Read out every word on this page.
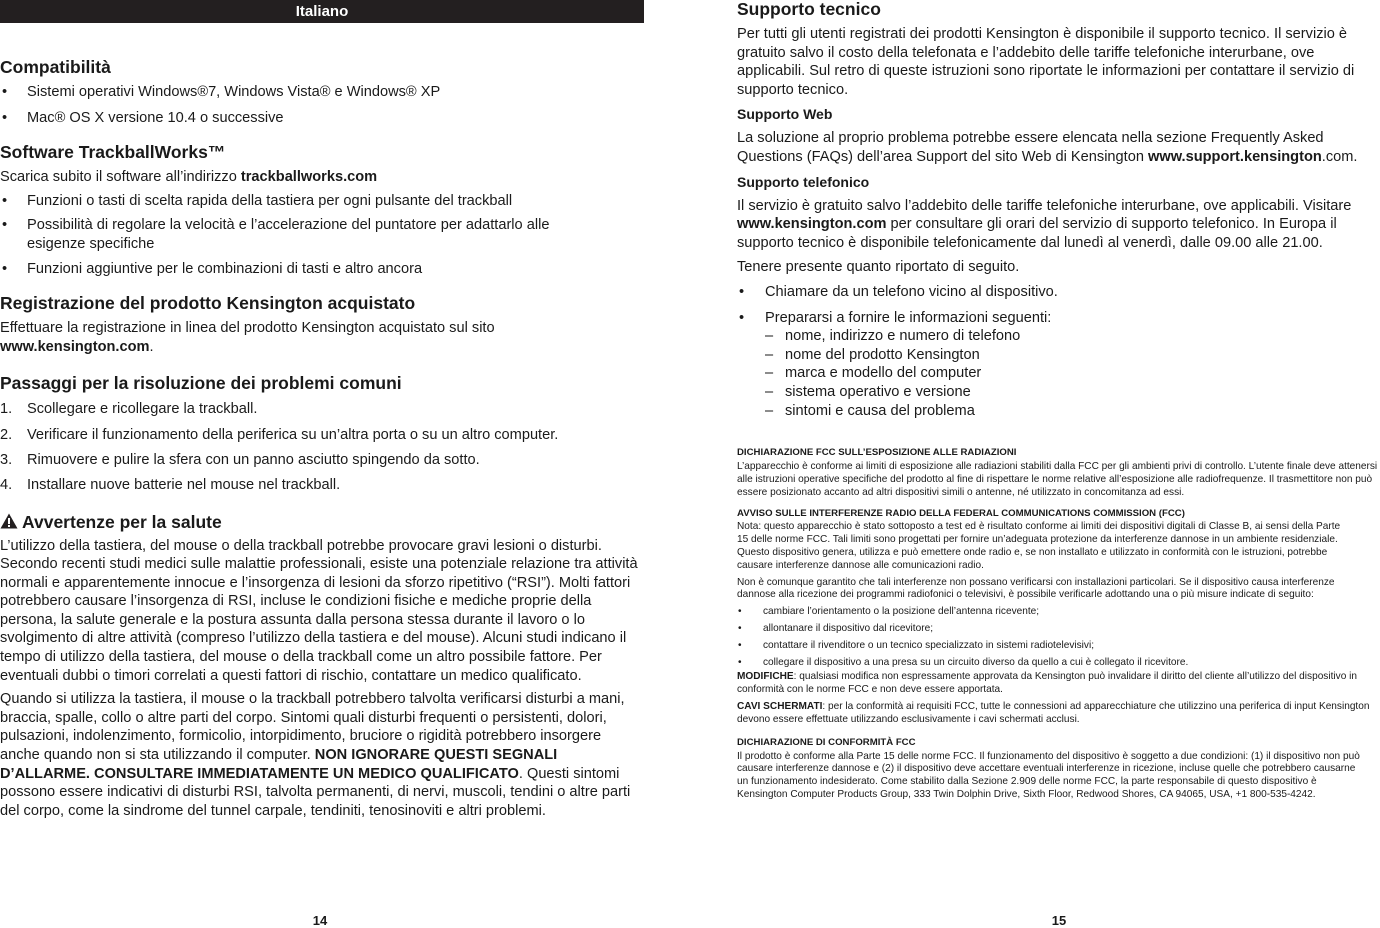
Italiano
Compatibilità
• Sistemi operativi Windows®7, Windows Vista® e Windows® XP
• Mac® OS X versione 10.4 o successive
Software TrackballWorks™

Scarica subito il software all’indirizzo trackballworks.com

• Funzioni o tasti di scelta rapida della tastiera per ogni pulsante del trackball
• Possibilità di regolare la velocità e l’accelerazione del puntatore per adattarlo alle esigenze specifiche
• Funzioni aggiuntive per le combinazioni di tasti e altro ancora
Registrazione del prodotto Kensington acquistato

Effettuare la registrazione in linea del prodotto Kensington acquistato sul sito www.kensington.com.

Passaggi per la risoluzione dei problemi comuni
1. Scollegare e ricollegare la trackball.
2. Verificare il funzionamento della periferica su un’altra porta o su un altro computer.
3. Rimuovere e pulire la sfera con un panno asciutto spingendo da sotto.
4. Installare nuove batterie nel mouse nel trackball.
Avvertenze per la salute

L’utilizzo della tastiera, del mouse o della trackball potrebbe provocare gravi lesioni o disturbi. Secondo recenti studi medici sulle malattie professionali, esiste una potenziale relazione tra attività normali e apparentemente innocue e l’insorgenza di lesioni da sforzo ripetitivo (“RSI”). Molti fattori potrebbero causare l’insorgenza di RSI, incluse le condizioni fisiche e mediche proprie della persona, la salute generale e la postura assunta dalla persona stessa durante il lavoro o lo svolgimento di altre attività (compreso l’utilizzo della tastiera e del mouse). Alcuni studi indicano il tempo di utilizzo della tastiera, del mouse o della trackball come un altro possibile fattore. Per eventuali dubbi o timori correlati a questi fattori di rischio, contattare un medico qualificato.

Quando si utilizza la tastiera, il mouse o la trackball potrebbero talvolta verificarsi disturbi a mani, braccia, spalle, collo o altre parti del corpo. Sintomi quali disturbi frequenti o persistenti, dolori, pulsazioni, indolenzimento, formicolio, intorpidimento, bruciore o rigidità potrebbero insorgere anche quando non si sta utilizzando il computer. NON IGNORARE QUESTI SEGNALI D’ALLARME. CONSULTARE IMMEDIATAMENTE UN MEDICO QUALIFICATO. Questi sintomi possono essere indicativi di disturbi RSI, talvolta permanenti, di nervi, muscoli, tendini o altre parti del corpo, come la sindrome del tunnel carpale, tendiniti, tenosinoviti e altri problemi.

Supporto tecnico

Per tutti gli utenti registrati dei prodotti Kensington è disponibile il supporto tecnico. Il servizio è gratuito salvo il costo della telefonata e l’addebito delle tariffe telefoniche interurbane, ove applicabili. Sul retro di queste istruzioni sono riportate le informazioni per contattare il servizio di supporto tecnico.

Supporto Web

La soluzione al proprio problema potrebbe essere elencata nella sezione Frequently Asked Questions (FAQs) dell’area Support del sito Web di Kensington www.support.kensington.com.

Supporto telefonico

Il servizio è gratuito salvo l’addebito delle tariffe telefoniche interurbane, ove applicabili. Visitare www.kensington.com per consultare gli orari del servizio di supporto telefonico. In Europa il supporto tecnico è disponibile telefonicamente dal lunedì al venerdì, dalle 09.00 alle 21.00.

Tenere presente quanto riportato di seguito.

• Chiamare da un telefono vicino al dispositivo.
• Prepararsi a fornire le informazioni seguenti:
– nome, indirizzo e numero di telefono
– nome del prodotto Kensington
– marca e modello del computer
– sistema operativo e versione
– sintomi e causa del problema
DICHIARAZIONE FCC SULL’ESPOSIZIONE ALLE RADIAZIONI

L’apparecchio è conforme ai limiti di esposizione alle radiazioni stabiliti dalla FCC per gli ambienti privi di controllo. L’utente finale deve attenersi alle istruzioni operative specifiche del prodotto al fine di rispettare le norme relative all’esposizione alle radiofrequenze. Il trasmettitore non può essere posizionato accanto ad altri dispositivi simili o antenne, né utilizzato in concomitanza ad essi.

AVVISO SULLE INTERFERENZE RADIO DELLA FEDERAL COMMUNICATIONS COMMISSION (FCC)

Nota: questo apparecchio è stato sottoposto a test ed è risultato conforme ai limiti dei dispositivi digitali di Classe B, ai sensi della Parte 15 delle norme FCC. Tali limiti sono progettati per fornire un’adeguata protezione da interferenze dannose in un ambiente residenziale. Questo dispositivo genera, utilizza e può emettere onde radio e, se non installato e utilizzato in conformità con le istruzioni, potrebbe causare interferenze dannose alle comunicazioni radio.

Non è comunque garantito che tali interferenze non possano verificarsi con installazioni particolari. Se il dispositivo causa interferenze dannose alla ricezione dei programmi radiofonici o televisivi, è possibile verificarle adottando una o più misure indicate di seguito:

• cambiare l’orientamento o la posizione dell’antenna ricevente;
• allontanare il dispositivo dal ricevitore;
• contattare il rivenditore o un tecnico specializzato in sistemi radiotelevisivi;
• collegare il dispositivo a una presa su un circuito diverso da quello a cui è collegato il ricevitore.

MODIFICHE: qualsiasi modifica non espressamente approvata da Kensington può invalidare il diritto del cliente all’utilizzo del dispositivo in conformità con le norme FCC e non deve essere apportata.

CAVI SCHERMATI: per la conformità ai requisiti FCC, tutte le connessioni ad apparecchiature che utilizzino una periferica di input Kensington devono essere effettuate utilizzando esclusivamente i cavi schermati acclusi.

DICHIARAZIONE DI CONFORMITÀ FCC

Il prodotto è conforme alla Parte 15 delle norme FCC. Il funzionamento del dispositivo è soggetto a due condizioni: (1) il dispositivo non può causare interferenze dannose e (2) il dispositivo deve accettare eventuali interferenze in ricezione, incluse quelle che potrebbero causarne un funzionamento indesiderato. Come stabilito dalla Sezione 2.909 delle norme FCC, la parte responsabile di questo dispositivo è Kensington Computer Products Group, 333 Twin Dolphin Drive, Sixth Floor, Redwood Shores, CA 94065, USA, +1 800-535-4242.

14	15
